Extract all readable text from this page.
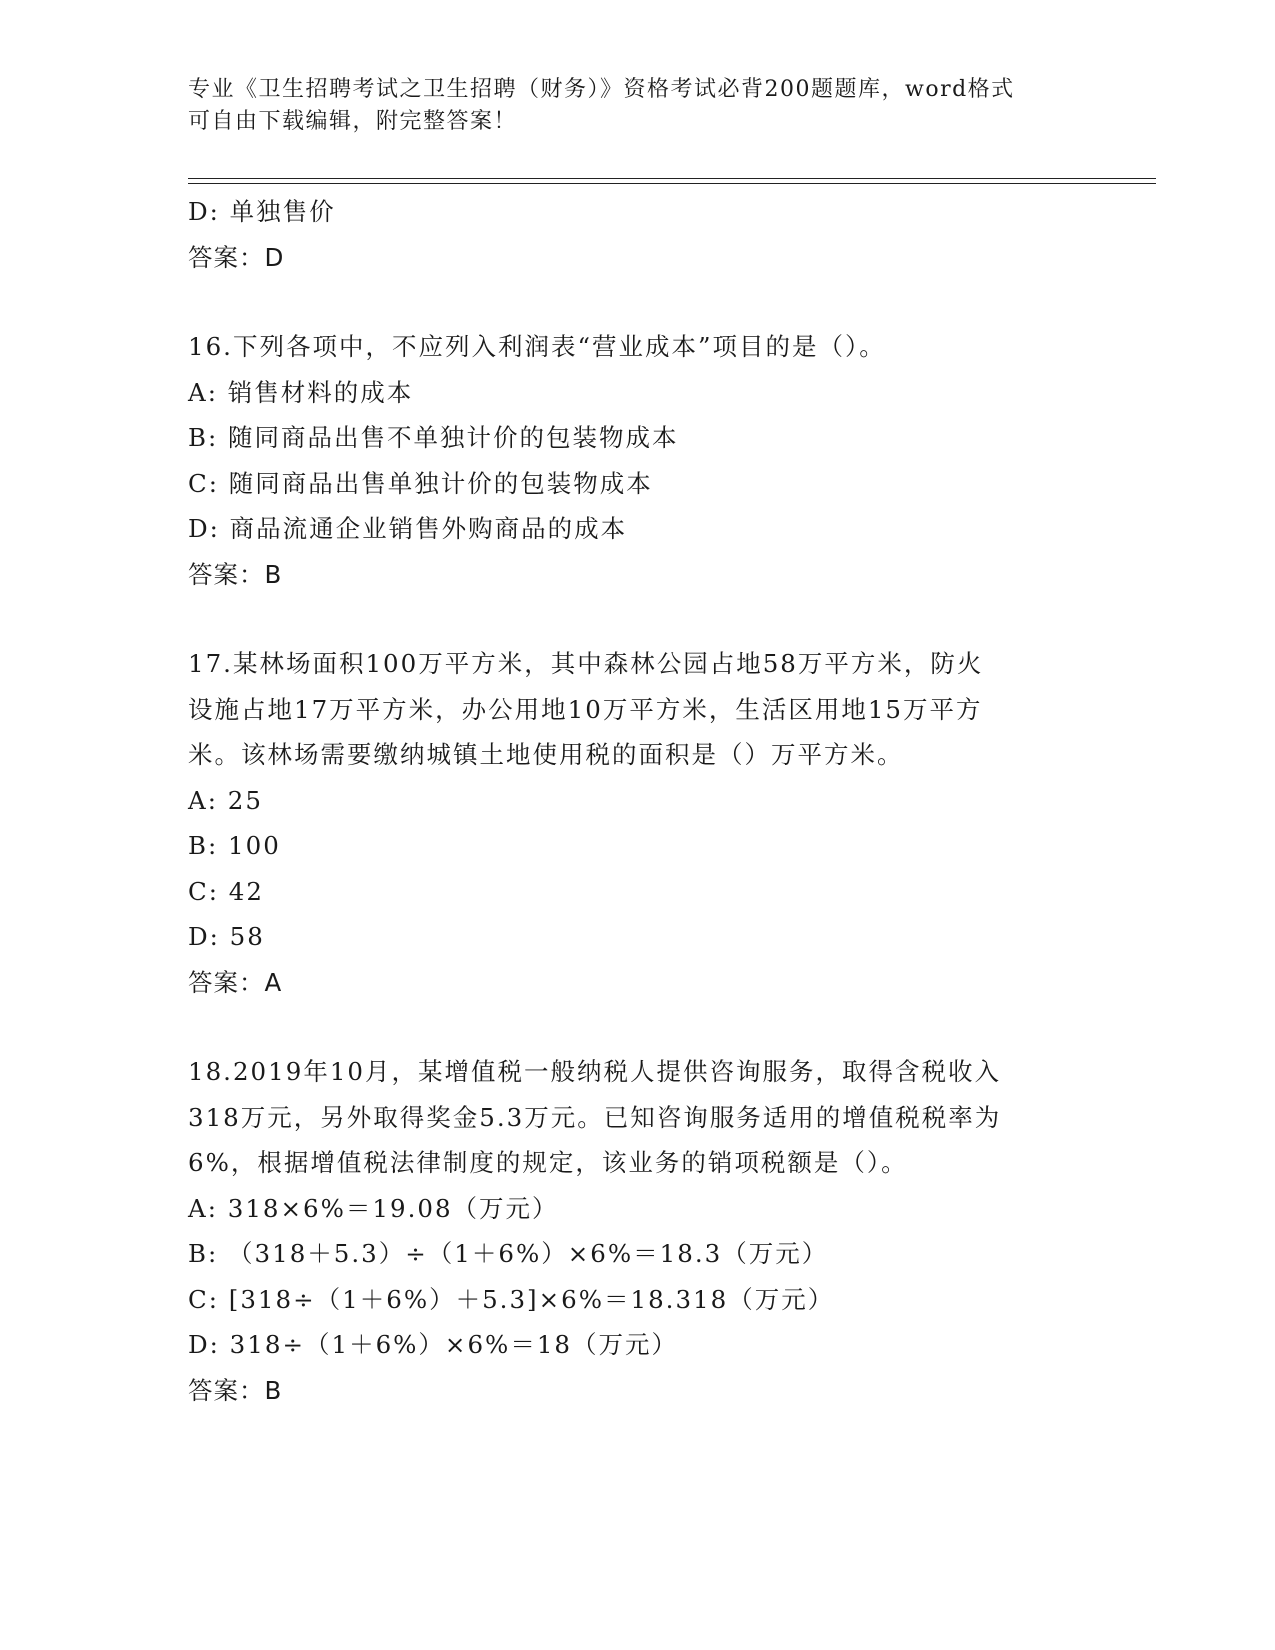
专业《卫生招聘考试之卫生招聘（财务）》资格考试必背200题题库，word格式
可自由下载编辑，附完整答案！
D: 单独售价
答案：D
16.下列各项中，不应列入利润表“营业成本”项目的是（）。
A: 销售材料的成本
B: 随同商品出售不单独计价的包装物成本
C: 随同商品出售单独计价的包装物成本
D: 商品流通企业销售外购商品的成本
答案：B
17.某林场面积100万平方米，其中森林公园占地58万平方米，防火
设施占地17万平方米，办公用地10万平方米，生活区用地15万平方
米。该林场需要缴纳城镇土地使用税的面积是（）万平方米。
A: 25
B: 100
C: 42
D: 58
答案：A
18.2019年10月，某增值税一般纳税人提供咨询服务，取得含税收入
318万元，另外取得奖金5.3万元。已知咨询服务适用的增值税税率为
6%，根据增值税法律制度的规定，该业务的销项税额是（）。
A: 318×6%＝19.08（万元）
B: （318＋5.3）÷（1＋6%）×6%＝18.3（万元）
C: [318÷（1＋6%）＋5.3]×6%＝18.318（万元）
D: 318÷（1＋6%）×6%＝18（万元）
答案：B
